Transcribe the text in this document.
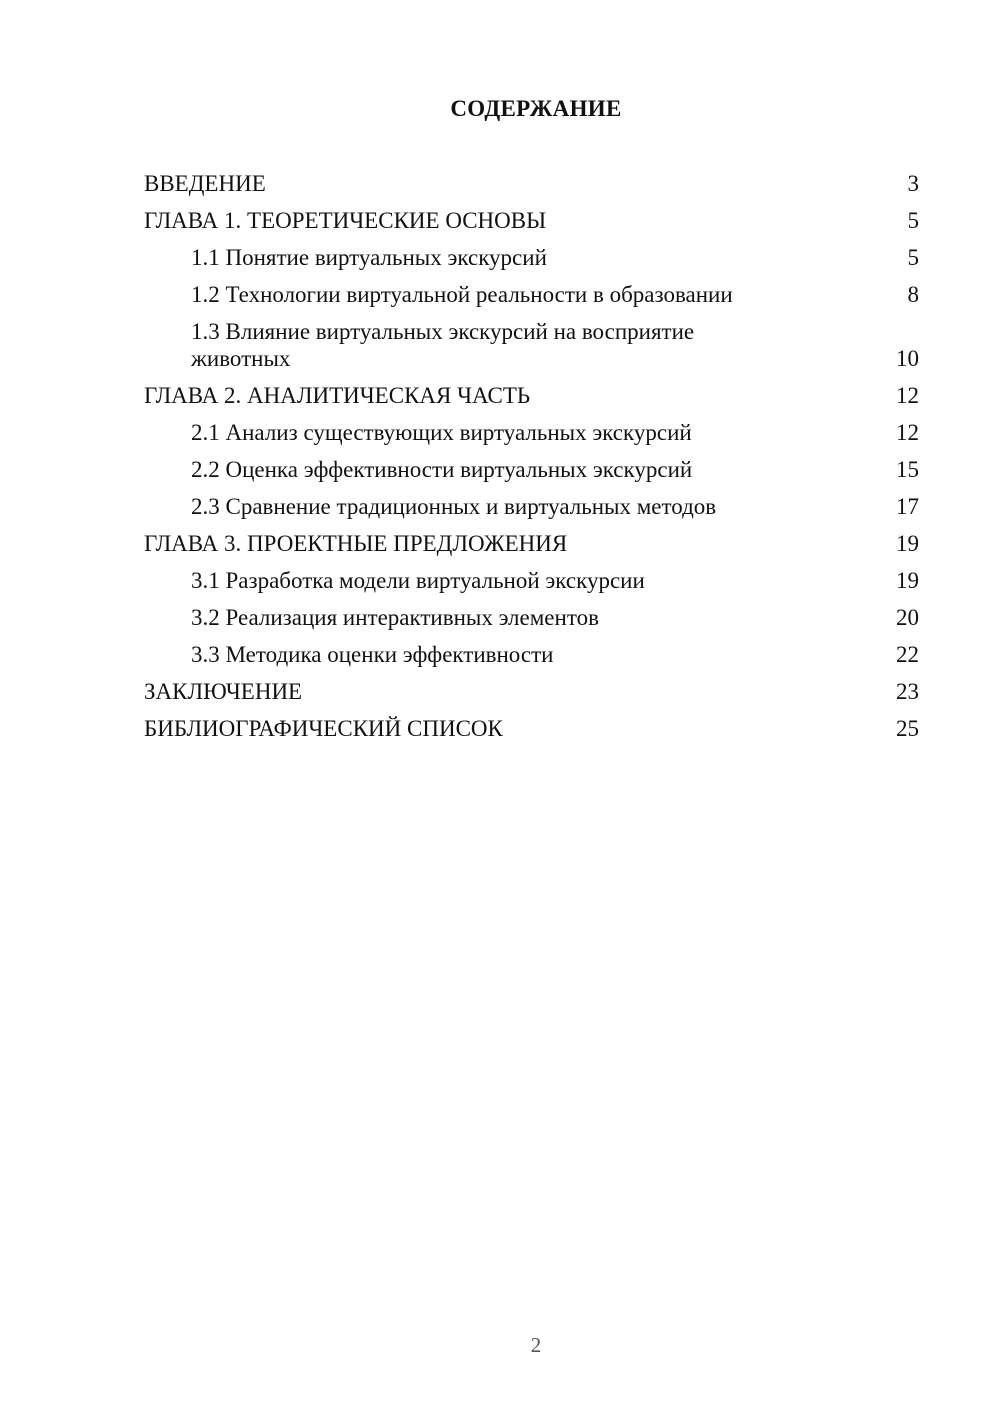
СОДЕРЖАНИЕ
ВВЕДЕНИЕ	3
ГЛАВА 1. ТЕОРЕТИЧЕСКИЕ ОСНОВЫ	5
1.1 Понятие виртуальных экскурсий	5
1.2 Технологии виртуальной реальности в образовании	8
1.3 Влияние виртуальных экскурсий на восприятие животных	10
ГЛАВА 2. АНАЛИТИЧЕСКАЯ ЧАСТЬ	12
2.1 Анализ существующих виртуальных экскурсий	12
2.2 Оценка эффективности виртуальных экскурсий	15
2.3 Сравнение традиционных и виртуальных методов	17
ГЛАВА 3. ПРОЕКТНЫЕ ПРЕДЛОЖЕНИЯ	19
3.1 Разработка модели виртуальной экскурсии	19
3.2 Реализация интерактивных элементов	20
3.3 Методика оценки эффективности	22
ЗАКЛЮЧЕНИЕ	23
БИБЛИОГРАФИЧЕСКИЙ СПИСОК	25
2
